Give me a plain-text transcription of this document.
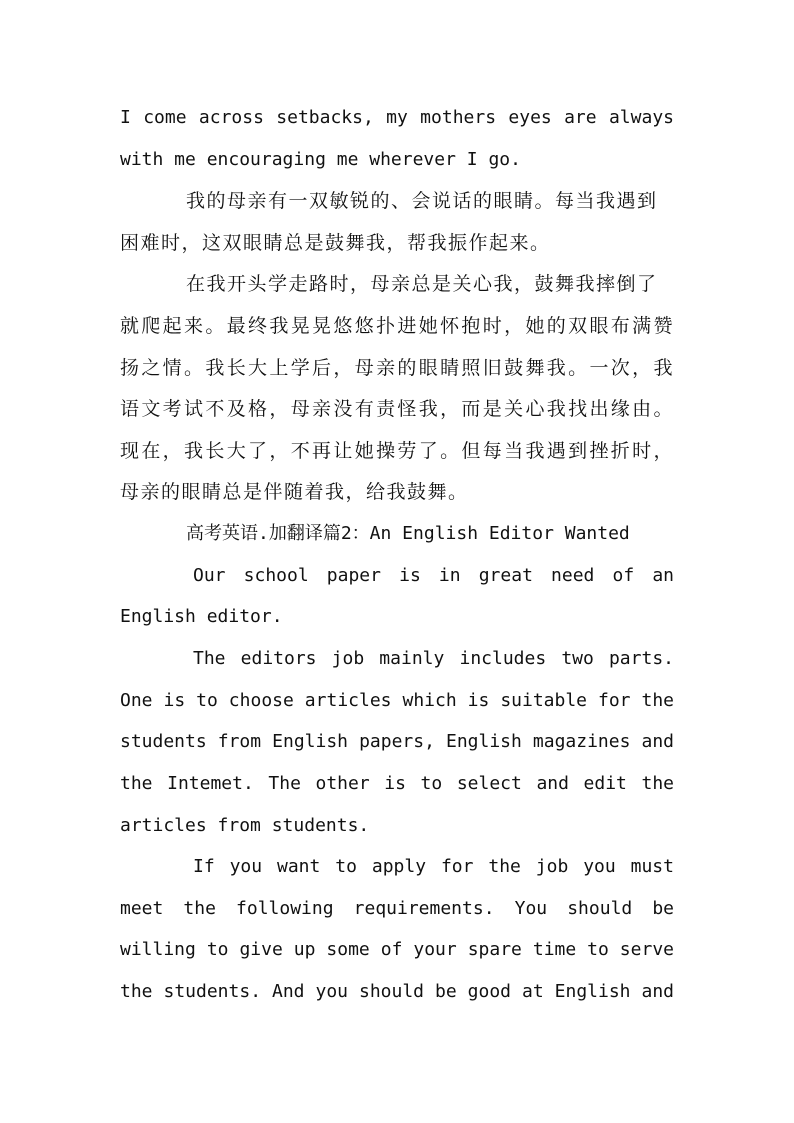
I come across setbacks, my mothers eyes are always
with me encouraging me wherever I go.
我的母亲有一双敏锐的、会说话的眼睛。每当我遇到
困难时，这双眼睛总是鼓舞我，帮我振作起来。
在我开头学走路时，母亲总是关心我，鼓舞我摔倒了
就爬起来。最终我晃晃悠悠扑进她怀抱时，她的双眼布满赞
扬之情。我长大上学后，母亲的眼睛照旧鼓舞我。一次，我
语文考试不及格，母亲没有责怪我，而是关心我找出缘由。
现在，我长大了，不再让她操劳了。但每当我遇到挫折时，
母亲的眼睛总是伴随着我，给我鼓舞。
高考英语.加翻译篇2：An English Editor Wanted
Our school paper is in great need of an
English editor.
The editors job mainly includes two parts.
One is to choose articles which is suitable for the
students from English papers, English magazines and
the Intemet. The other is to select and edit the
articles from students.
If you want to apply for the job you must
meet the following requirements. You should be
willing to give up some of your spare time to serve
the students. And you should be good at English and
